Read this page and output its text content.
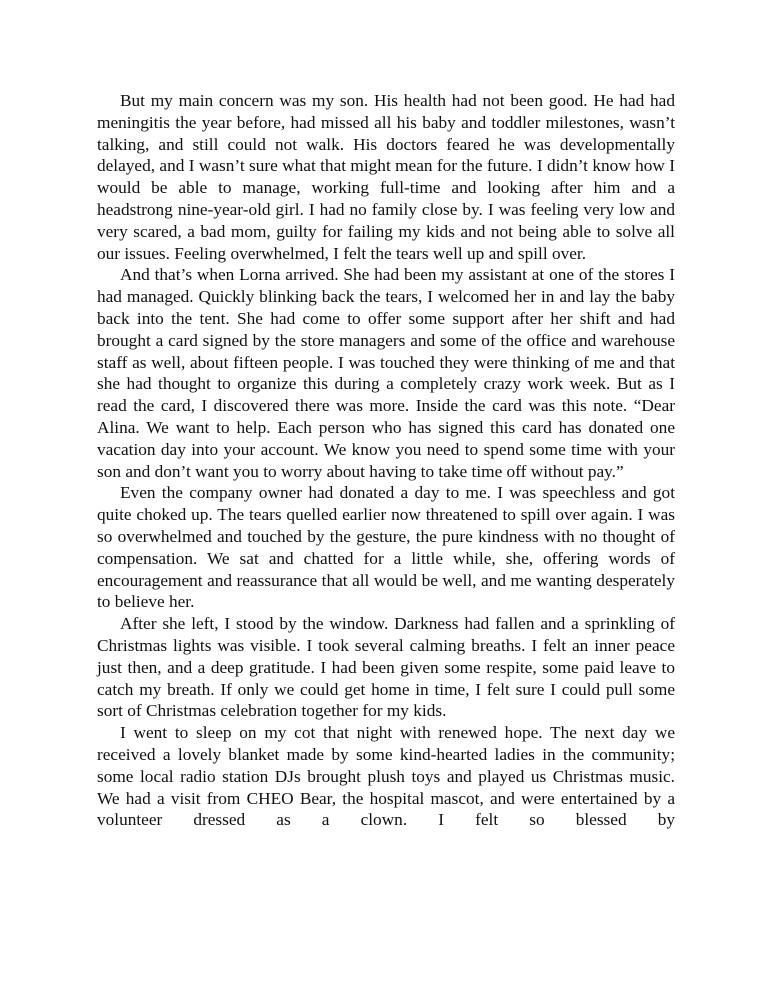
But my main concern was my son. His health had not been good. He had had meningitis the year before, had missed all his baby and toddler milestones, wasn’t talking, and still could not walk. His doctors feared he was developmentally delayed, and I wasn’t sure what that might mean for the future. I didn’t know how I would be able to manage, working full-time and looking after him and a headstrong nine-year-old girl. I had no family close by. I was feeling very low and very scared, a bad mom, guilty for failing my kids and not being able to solve all our issues. Feeling overwhelmed, I felt the tears well up and spill over.

And that’s when Lorna arrived. She had been my assistant at one of the stores I had managed. Quickly blinking back the tears, I welcomed her in and lay the baby back into the tent. She had come to offer some support after her shift and had brought a card signed by the store managers and some of the office and warehouse staff as well, about fifteen people. I was touched they were thinking of me and that she had thought to organize this during a completely crazy work week. But as I read the card, I discovered there was more. Inside the card was this note. “Dear Alina. We want to help. Each person who has signed this card has donated one vacation day into your account. We know you need to spend some time with your son and don’t want you to worry about having to take time off without pay.”

Even the company owner had donated a day to me. I was speechless and got quite choked up. The tears quelled earlier now threatened to spill over again. I was so overwhelmed and touched by the gesture, the pure kindness with no thought of compensation. We sat and chatted for a little while, she, offering words of encouragement and reassurance that all would be well, and me wanting desperately to believe her.

After she left, I stood by the window. Darkness had fallen and a sprinkling of Christmas lights was visible. I took several calming breaths. I felt an inner peace just then, and a deep gratitude. I had been given some respite, some paid leave to catch my breath. If only we could get home in time, I felt sure I could pull some sort of Christmas celebration together for my kids.

I went to sleep on my cot that night with renewed hope. The next day we received a lovely blanket made by some kind-hearted ladies in the community; some local radio station DJs brought plush toys and played us Christmas music. We had a visit from CHEO Bear, the hospital mascot, and were entertained by a volunteer dressed as a clown. I felt so blessed by
